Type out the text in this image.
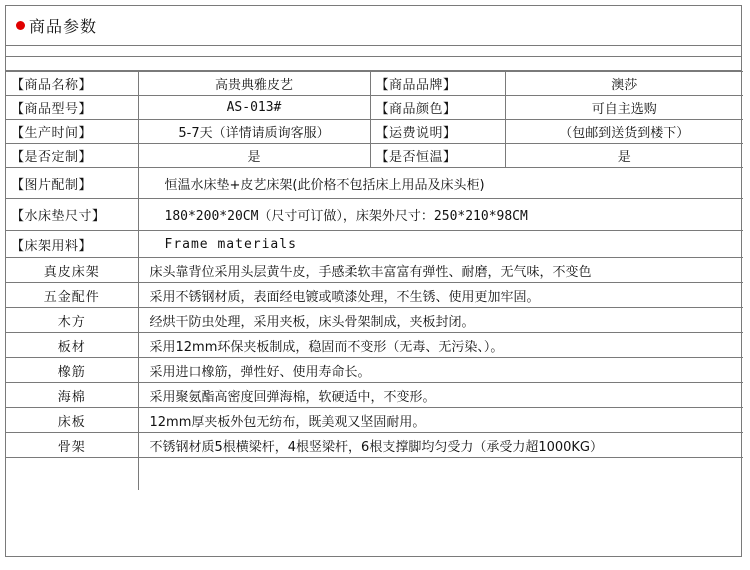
商品参数
【商品名称】	高贵典雅皮艺	【商品品牌】	澳莎
【商品型号】	AS-013#	【商品颜色】	可自主选购
【生产时间】	5-7天（详情请质询客服）	【运费说明】	（包邮到送货到楼下）
【是否定制】	是	【是否恒温】	是
【图片配制】	恒温水床垫+皮艺床架(此价格不包括床上用品及床头柜)		
【水床垫尺寸】	180*200*20CM（尺寸可订做），床架外尺寸：250*210*98CM		
【床架用料】	Frame materials		
真皮床架	床头靠背位采用头层黄牛皮，手感柔软丰富富有弹性、耐磨，无气味，不变色		
五金配件	采用不锈钢材质，表面经电镀或喷漆处理，不生锈、使用更加牢固。		
木方	经烘干防虫处理，采用夹板，床头骨架制成，夹板封闭。		
板材	采用12mm环保夹板制成，稳固而不变形（无毒、无污染、）。		
橡筋	采用进口橡筋，弹性好、使用寿命长。		
海棉	采用聚氨酯高密度回弹海棉，软硬适中，不变形。		
床板	12mm厚夹板外包无纺布，既美观又坚固耐用。		
骨架	不锈钢材质5根横梁杆，4根竖梁杆，6根支撑脚均匀受力（承受力超1000KG）		
